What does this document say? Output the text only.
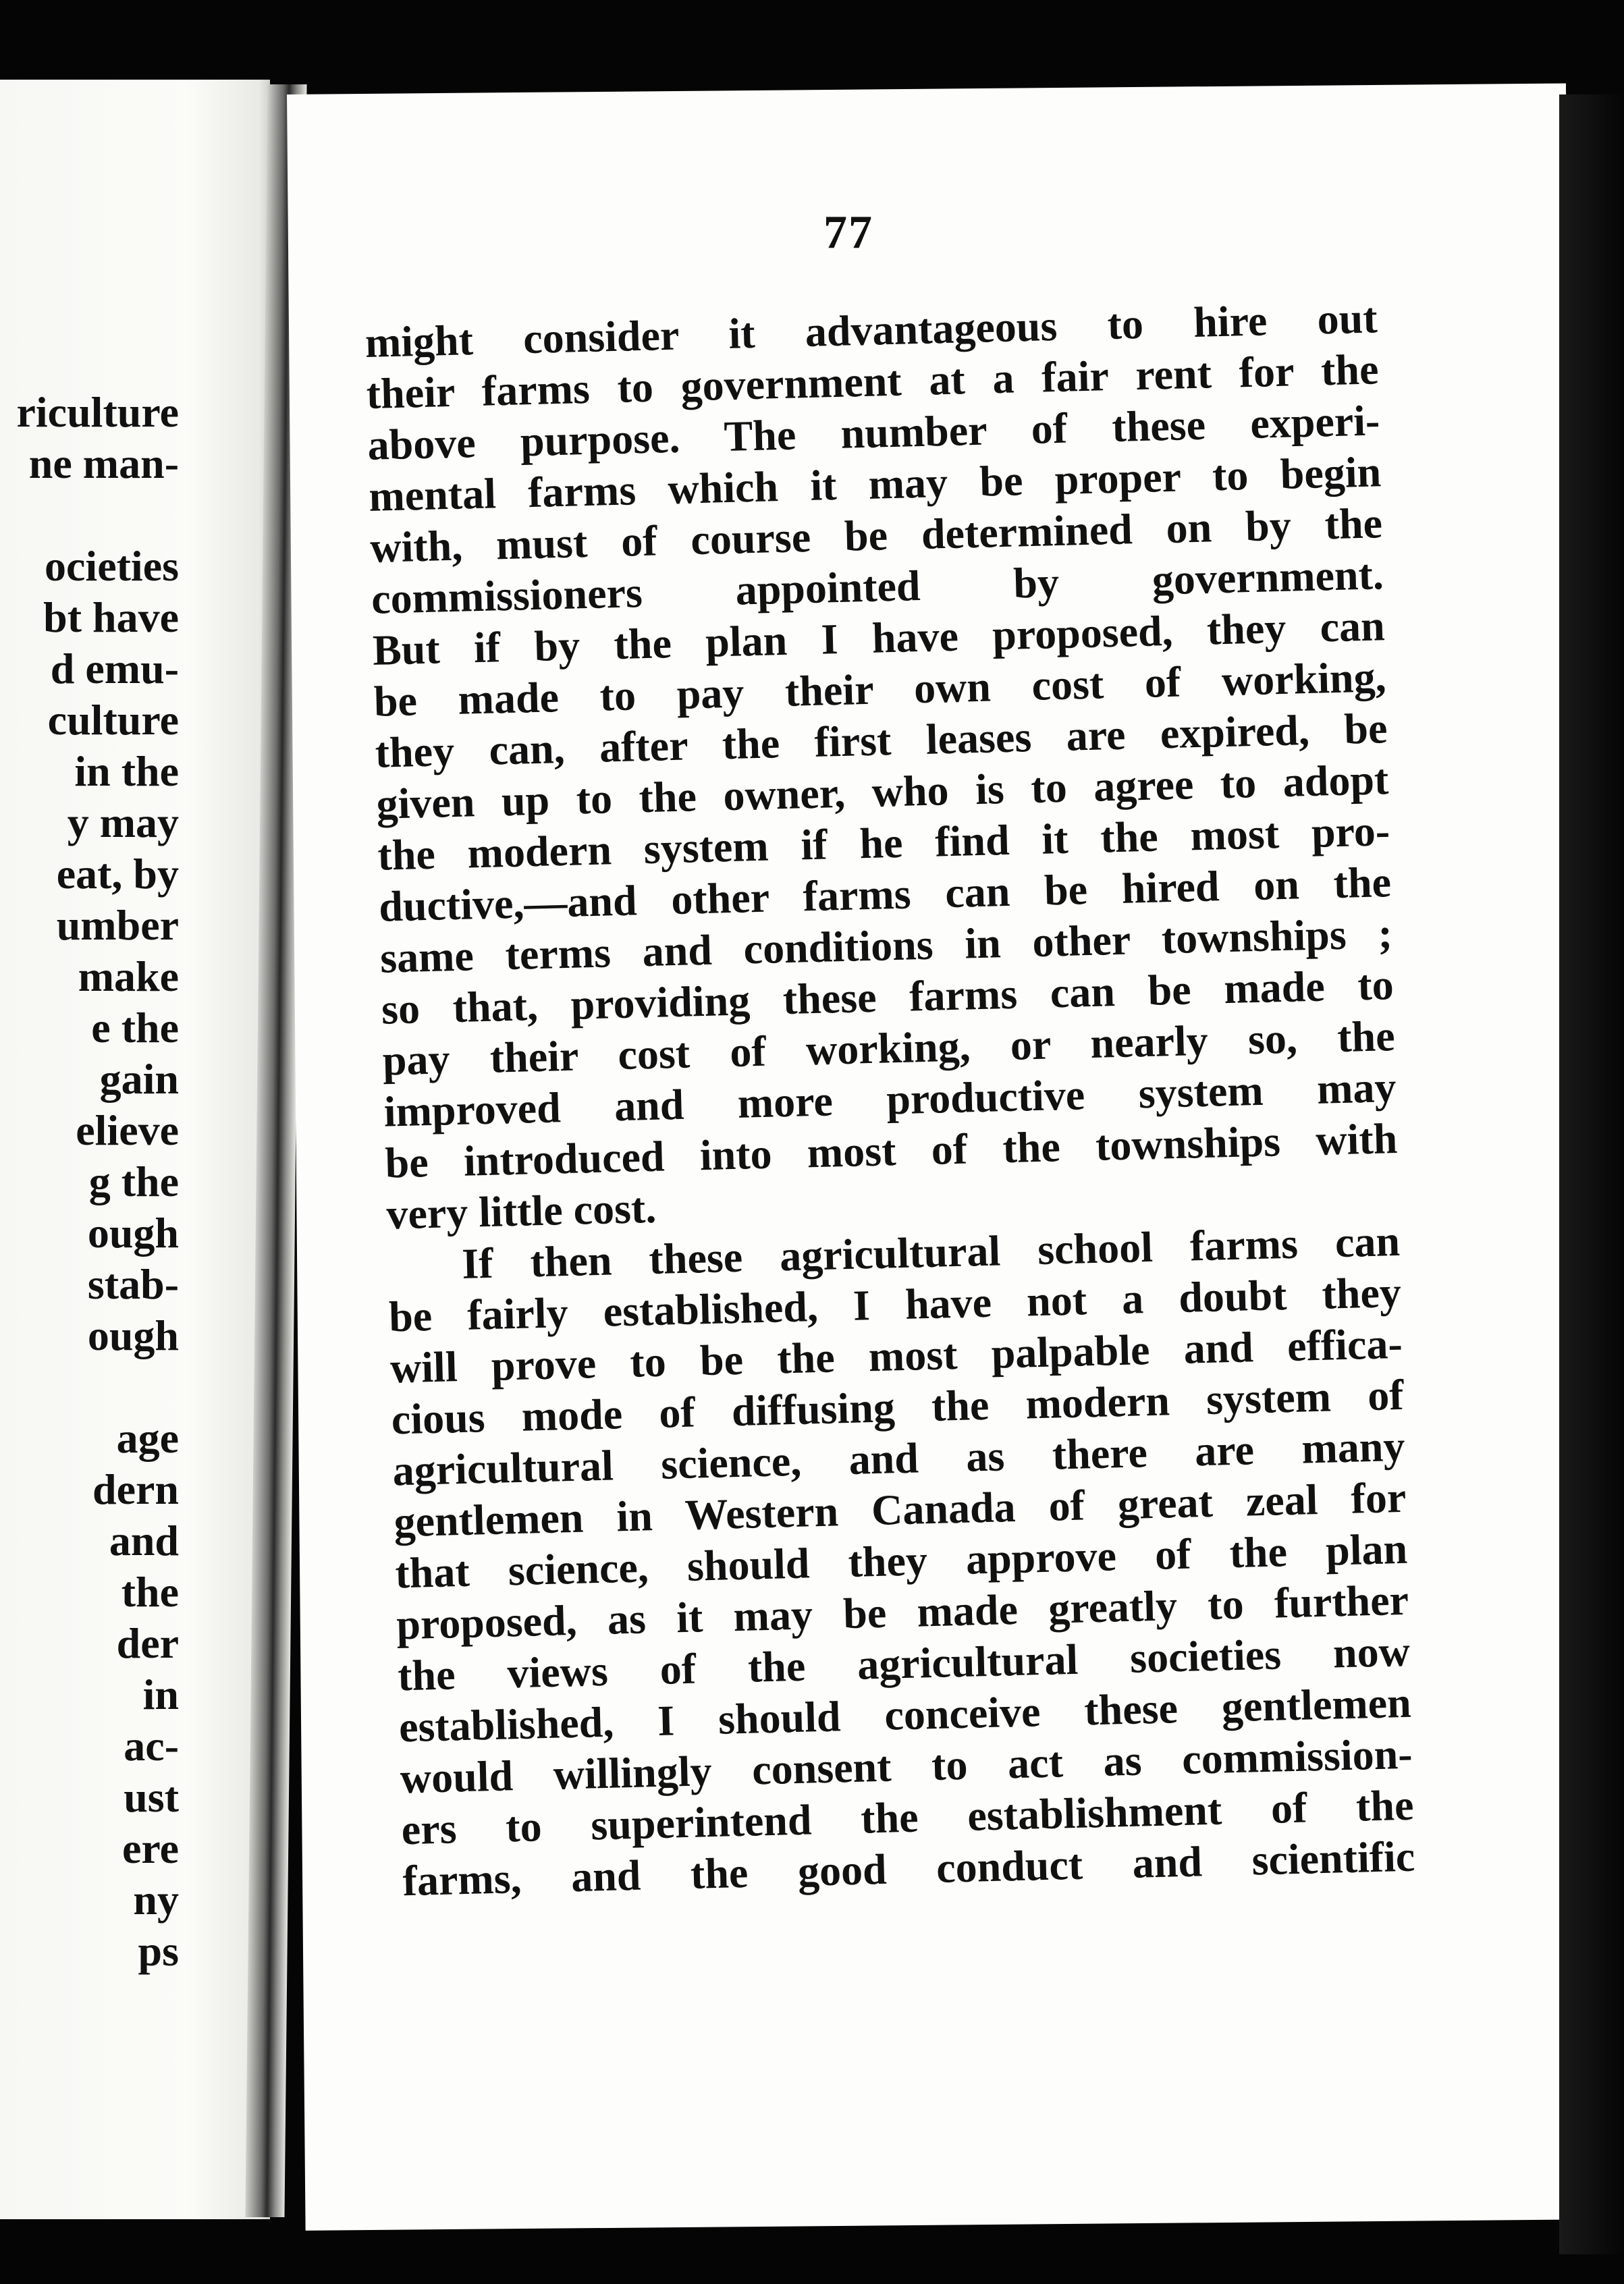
riculture
ne man-
ocieties
bt have
d emu-
culture
in the
y may
eat, by
umber
make
e the
gain
elieve
g the
ough
stab-
ough
age
dern
and
the
der
in
ac-
ust
ere
ny
ps
77
might consider it advantageous to hire out
their farms to government at a fair rent for the
above purpose. The number of these experi-
mental farms which it may be proper to begin
with, must of course be determined on by the
commissioners appointed by government.
But if by the plan I have proposed, they can
be made to pay their own cost of working,
they can, after the first leases are expired, be
given up to the owner, who is to agree to adopt
the modern system if he find it the most pro-
ductive,—and other farms can be hired on the
same terms and conditions in other townships ;
so that, providing these farms can be made to
pay their cost of working, or nearly so, the
improved and more productive system may
be introduced into most of the townships with
very little cost.
If then these agricultural school farms can
be fairly established, I have not a doubt they
will prove to be the most palpable and effica-
cious mode of diffusing the modern system of
agricultural science, and as there are many
gentlemen in Western Canada of great zeal for
that science, should they approve of the plan
proposed, as it may be made greatly to further
the views of the agricultural societies now
established, I should conceive these gentlemen
would willingly consent to act as commission-
ers to superintend the establishment of the
farms, and the good conduct and scientific
